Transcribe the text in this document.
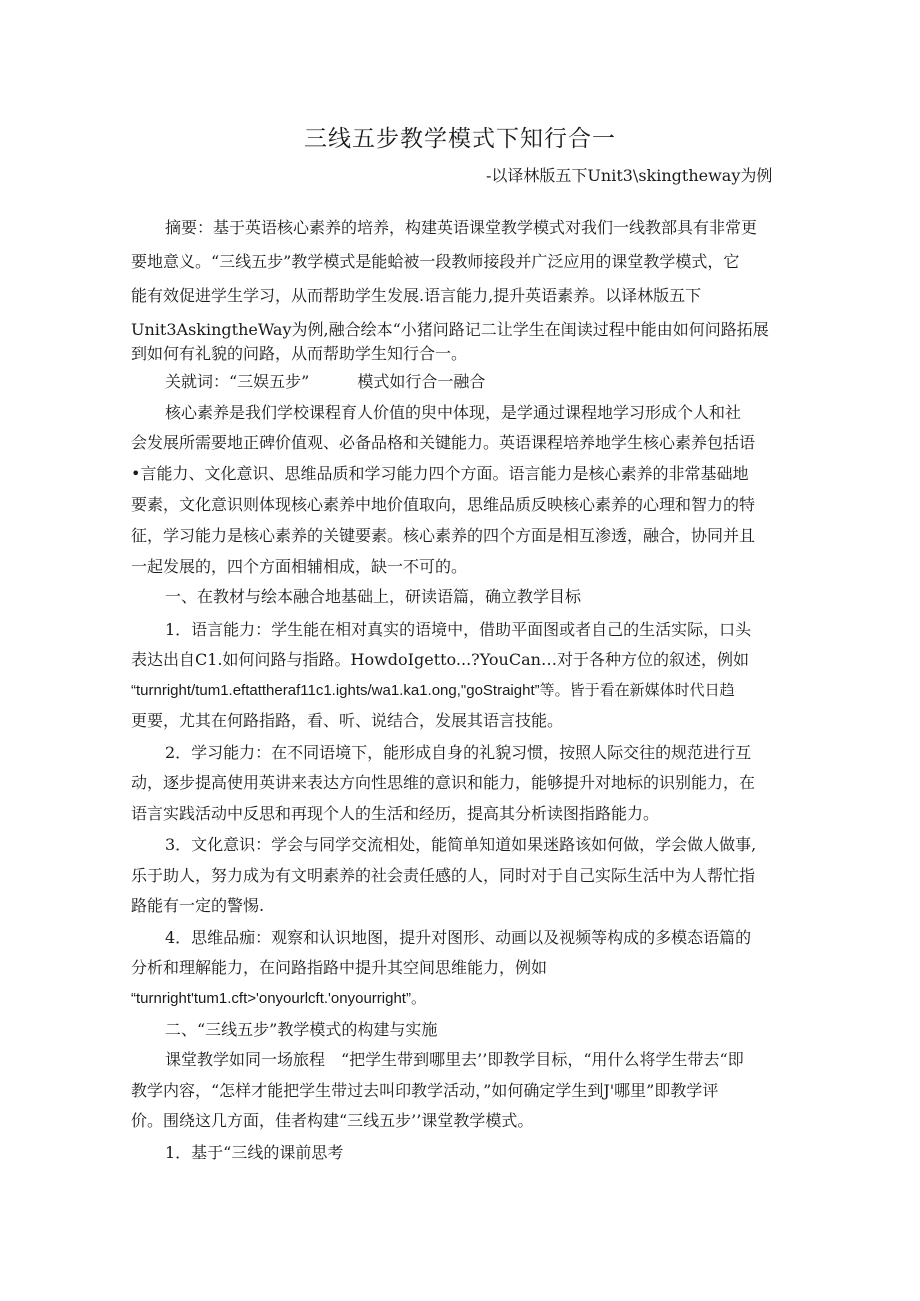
三线五步教学模式下知行合一
-以译林版五下Unit3\skingtheway为例
摘要：基于英语核心素养的培养，构建英语课堂教学模式对我们一线教部具有非常更
要地意义。“三线五步”教学模式是能蛤被一段教师接段并广泛应用的课堂教学模式，它
能有效促进学生学习，从而帮助学生发展.语言能力,提升英语素养。以译林版五下
Unit3AskingtheWay为例,融合绘本“小猪问路记二让学生在闺读过程中能由如何问路拓展
到如何有礼貌的问路，从而帮助学生知行合一。
关就词：“三娱五步”　　　模式如行合一融合
核心素养是我们学校课程育人价值的臾中体现，是学通过课程地学习形成个人和社
会发展所需要地正碑价值观、必备品格和关键能力。英语课程培养地学生核心素养包括语
•言能力、文化意识、思维品质和学习能力四个方面。语言能力是核心素养的非常基础地
要素，文化意识则体现核心素养中地价值取向，思维品质反映核心素养的心理和智力的特
征，学习能力是核心素养的关键要素。核心素养的四个方面是相互渗透，融合，协同并且
一起发展的，四个方面相辅相成，缺一不可的。
一、在教材与绘本融合地基础上，研读语篇，确立教学目标
1．语言能力：学生能在相对真实的语境中，借助平面图或者自己的生活实际，口头
表达出自C1.如何问路与指路。HowdoIgetto...?YouCan…对于各种方位的叙述，例如
“turnright/tum1.eftattheraf11c1.ights/wa1.ka1.ong,"goStraight”等。皆于看在新媒体时代日趋
更要，尤其在何路指路，看、听、说结合，发展其语言技能。
2．学习能力：在不同语境下，能形成自身的礼貌习惯，按照人际交往的规范进行互
动，逐步提高使用英讲来表达方向性思维的意识和能力，能够提升对地标的识别能力，在
语言实践活动中反思和再现个人的生活和经历，提高其分析读图指路能力。
3．文化意识：学会与同学交流相处，能简单知道如果迷路该如何做，学会做人做事,
乐于助人，努力成为有文明素养的社会责任感的人，同时对于自己实际生活中为人帮忙指
路能有一定的警惕.
4．思维品痂：观察和认识地图，提升对图形、动画以及视频等构成的多模态语篇的
分析和理解能力，在问路指路中提升其空间思维能力，例如
“turnright'tum1.cft>'onyourlcft.'onyourright”。
二、“三线五步”教学模式的构建与实施
课堂教学如同一场旅程　“把学生带到哪里去’’即教学目标，“用什么将学生带去“即
教学内容，“怎样才能把学生带过去叫印教学活动，”如何确定学生到J'哪里”即教学评
价。围绕这几方面，佳者构建“三线五步’’课堂教学模式。
1．基于“三线的课前思考
